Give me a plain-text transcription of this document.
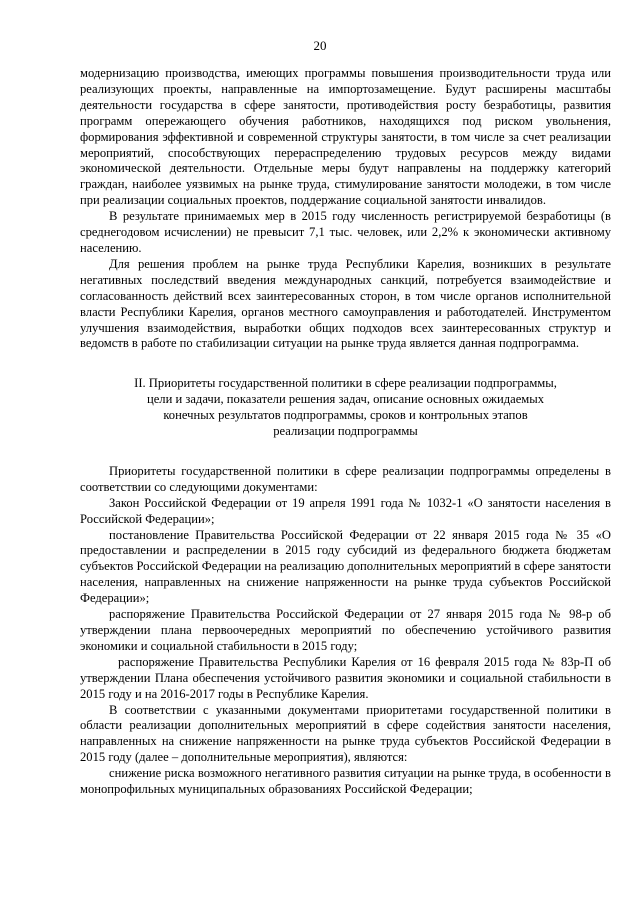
20

модернизацию производства, имеющих программы повышения производительности труда или реализующих проекты, направленные на импортозамещение. Будут расширены масштабы деятельности государства в сфере занятости, противодействия росту безработицы, развития программ опережающего обучения работников, находящихся под риском увольнения, формирования эффективной и современной структуры занятости, в том числе за счет реализации мероприятий, способствующих перераспределению трудовых ресурсов между видами экономической деятельности. Отдельные меры будут направлены на поддержку категорий граждан, наиболее уязвимых на рынке труда, стимулирование занятости молодежи, в том числе при реализации социальных проектов, поддержание социальной занятости инвалидов.

В результате принимаемых мер в 2015 году численность регистрируемой безработицы (в среднегодовом исчислении) не превысит 7,1 тыс. человек, или 2,2% к экономически активному населению.

Для решения проблем на рынке труда Республики Карелия, возникших в результате негативных последствий введения международных санкций, потребуется взаимодействие и согласованность действий всех заинтересованных сторон, в том числе органов исполнительной власти Республики Карелия, органов местного самоуправления и работодателей. Инструментом улучшения взаимодействия, выработки общих подходов всех заинтересованных структур и ведомств в работе по стабилизации ситуации на рынке труда является данная подпрограмма.

II. Приоритеты государственной политики в сфере реализации подпрограммы,
цели и задачи, показатели решения задач, описание основных ожидаемых
конечных результатов подпрограммы, сроков и контрольных этапов
реализации подпрограммы

Приоритеты государственной политики в сфере реализации подпрограммы определены в соответствии со следующими документами:

Закон Российской Федерации от 19 апреля 1991 года № 1032-1 «О занятости населения в Российской Федерации»;

постановление Правительства Российской Федерации от 22 января 2015 года № 35 «О предоставлении и распределении в 2015 году субсидий из федерального бюджета бюджетам субъектов Российской Федерации на реализацию дополнительных мероприятий в сфере занятости населения, направленных на снижение напряженности на рынке труда субъектов Российской Федерации»;

распоряжение Правительства Российской Федерации от 27 января 2015 года № 98-р об утверждении плана первоочередных мероприятий по обеспечению устойчивого развития экономики и социальной стабильности в 2015 году;

распоряжение Правительства Республики Карелия от 16 февраля 2015 года № 83р-П об утверждении Плана обеспечения устойчивого развития экономики и социальной стабильности в 2015 году и на 2016-2017 годы в Республике Карелия.

В соответствии с указанными документами приоритетами государственной политики в области реализации дополнительных мероприятий в сфере содействия занятости населения, направленных на снижение напряженности на рынке труда субъектов Российской Федерации в 2015 году (далее – дополнительные мероприятия), являются:

снижение риска возможного негативного развития ситуации на рынке труда, в особенности в монопрофильных муниципальных образованиях Российской Федерации;
